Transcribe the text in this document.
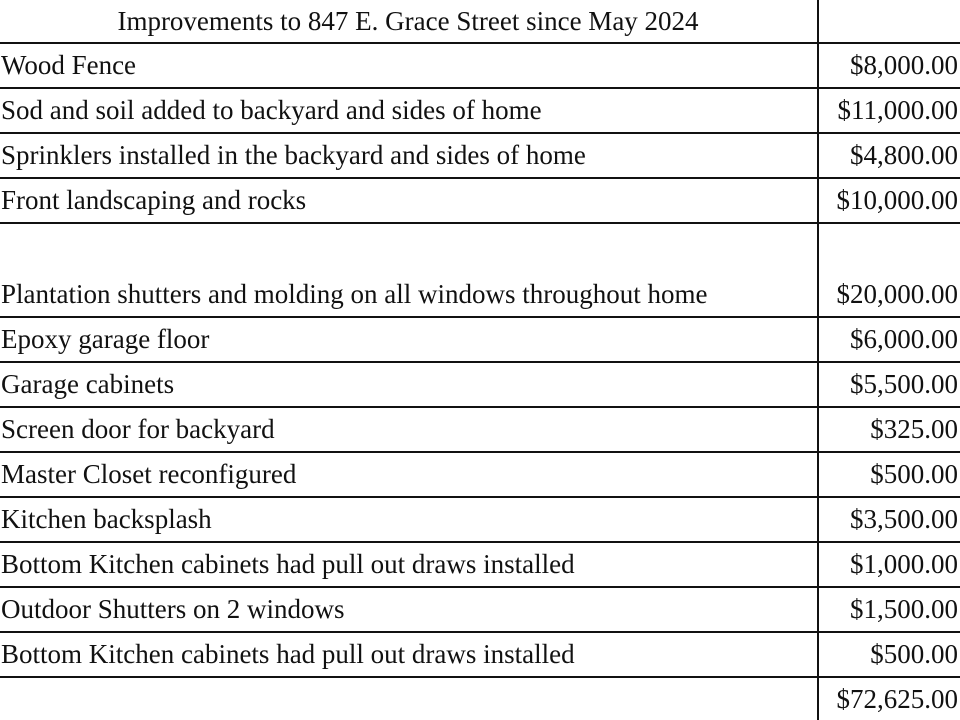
Improvements to 847 E. Grace Street since May 2024	
Wood Fence	$8,000.00
Sod and soil added to backyard and sides of home	$11,000.00
Sprinklers installed in the backyard and sides of home	$4,800.00
Front landscaping and rocks	$10,000.00
Plantation shutters and molding on all windows throughout home	$20,000.00
Epoxy garage floor	$6,000.00
Garage cabinets	$5,500.00
Screen door for backyard	$325.00
Master Closet reconfigured	$500.00
Kitchen backsplash	$3,500.00
Bottom Kitchen cabinets had pull out draws installed	$1,000.00
Outdoor Shutters on 2 windows	$1,500.00
Bottom Kitchen cabinets had pull out draws installed	$500.00
	$72,625.00
